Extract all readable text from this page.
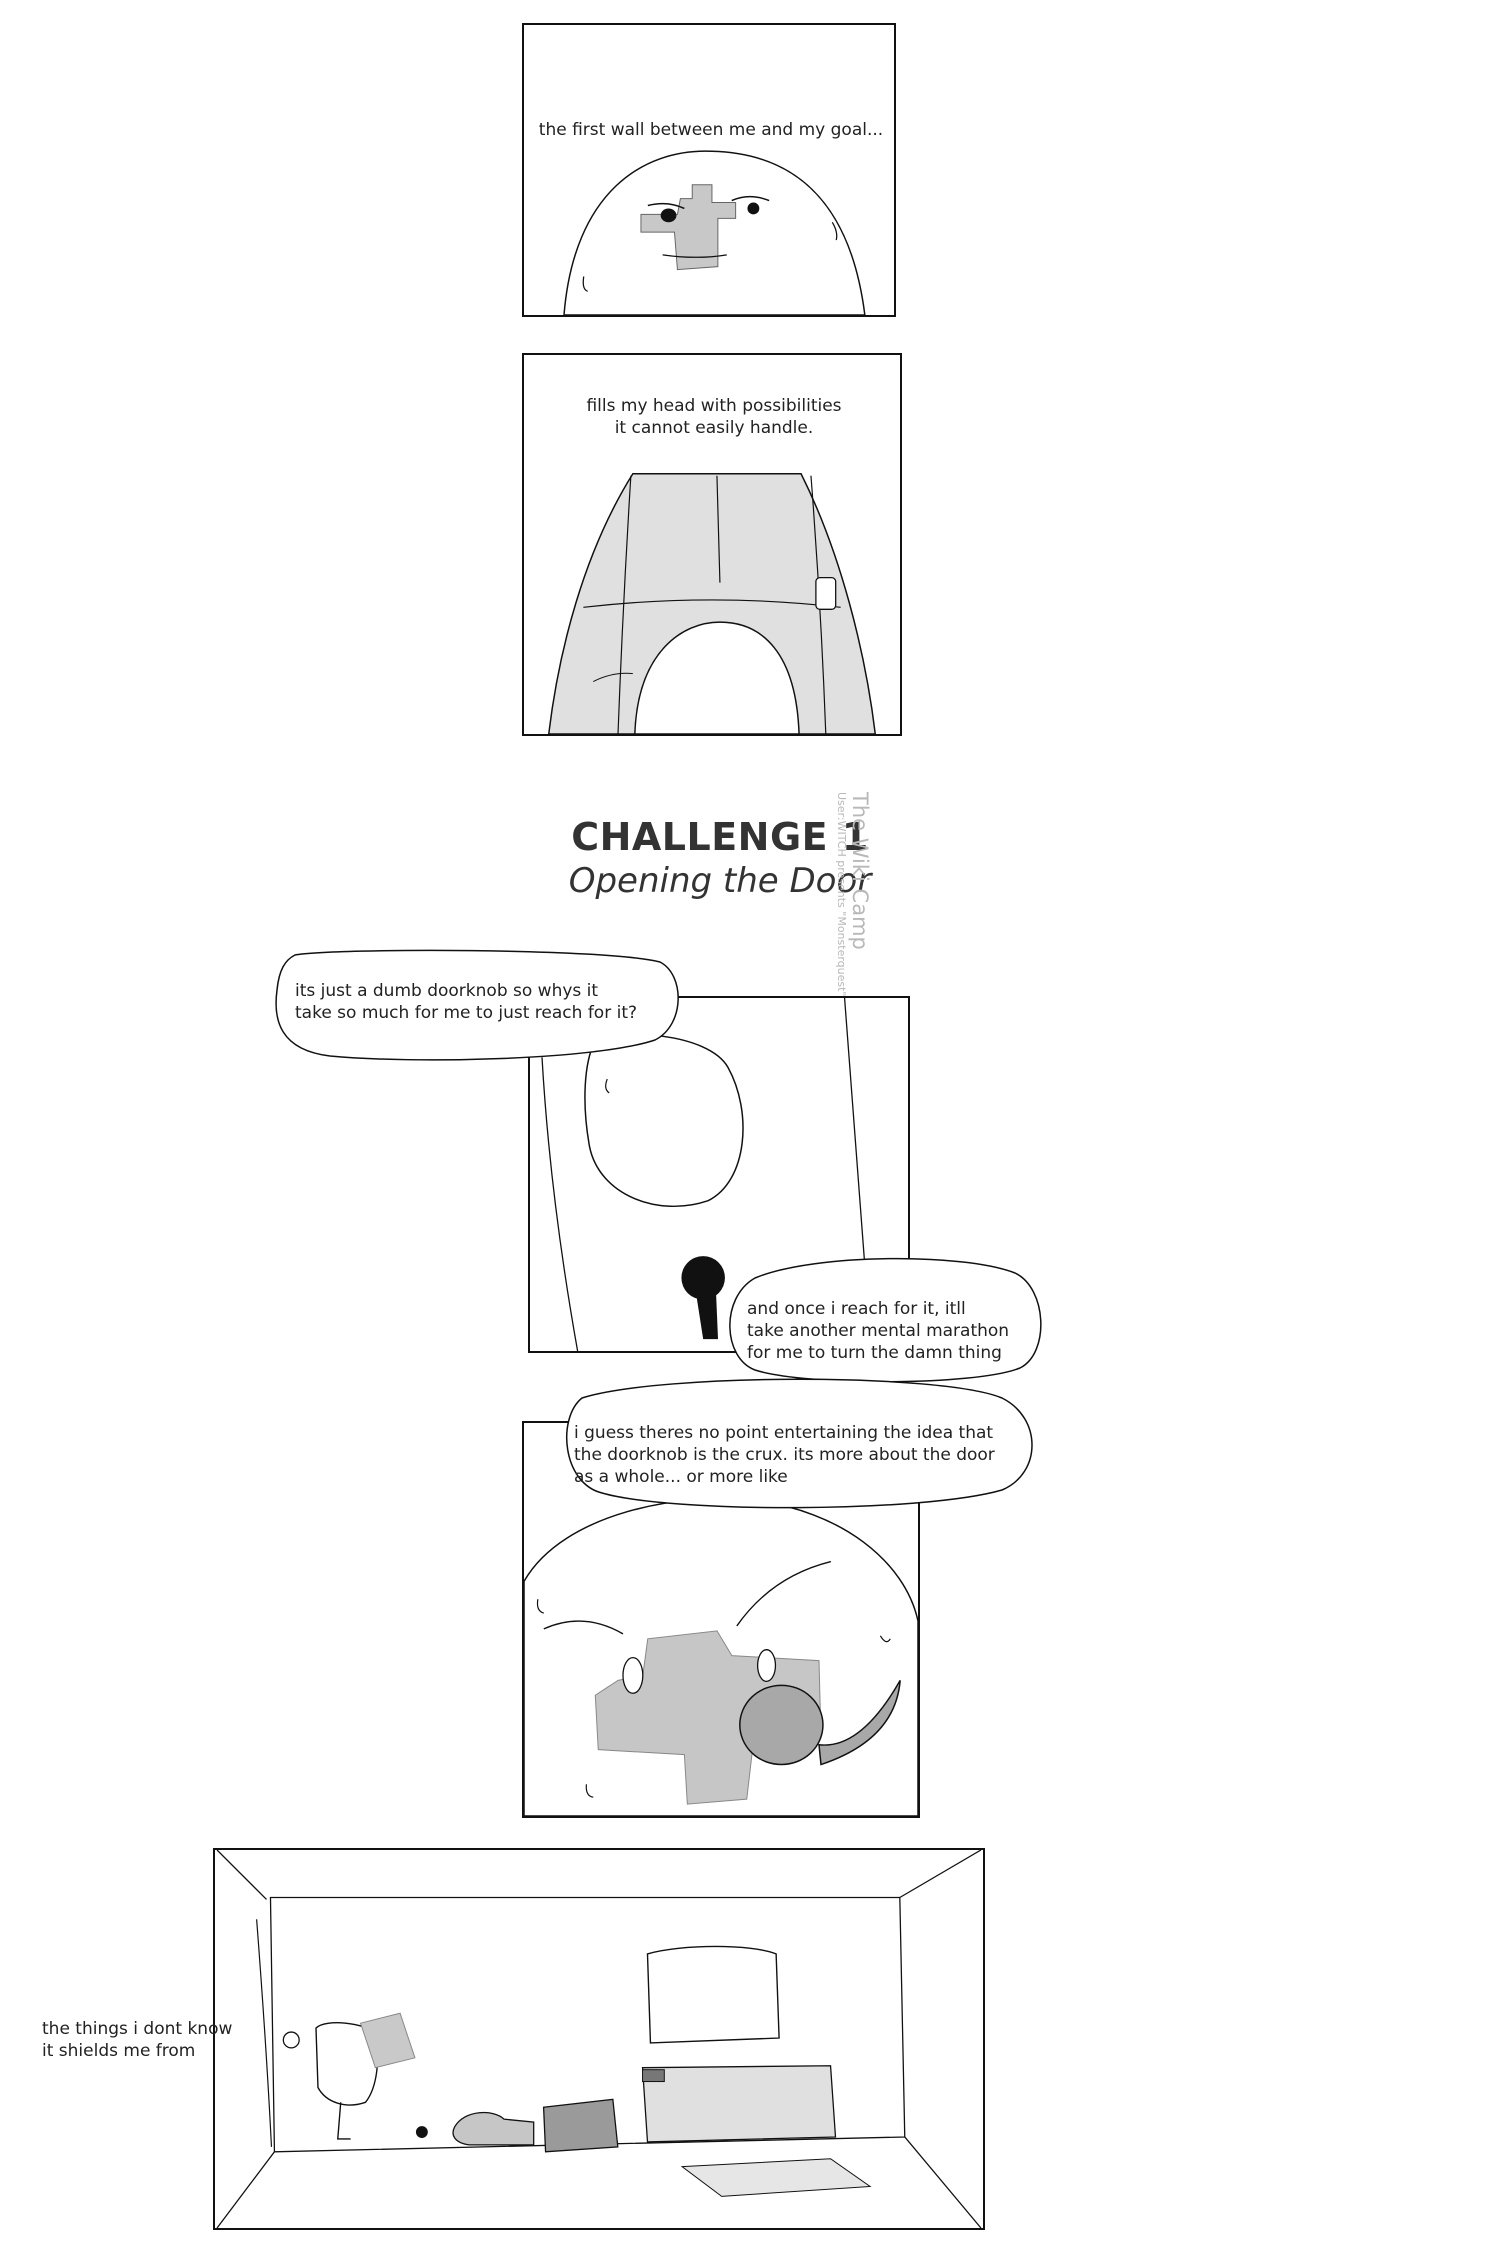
the first wall between me and my goal...
fills my head with possibilities
it cannot easily handle.
CHALLENGE 1
Opening the Door
The Wiki Camp
User:WITCH presents "Monsterquest"
the things i dont know
it shields me from
its just a dumb doorknob so whys it
take so much for me to just reach for it?
and once i reach for it, itll
take another mental marathon
for me to turn the damn thing
i guess theres no point entertaining the idea that
the doorknob is the crux. its more about the door
as a whole... or more like
